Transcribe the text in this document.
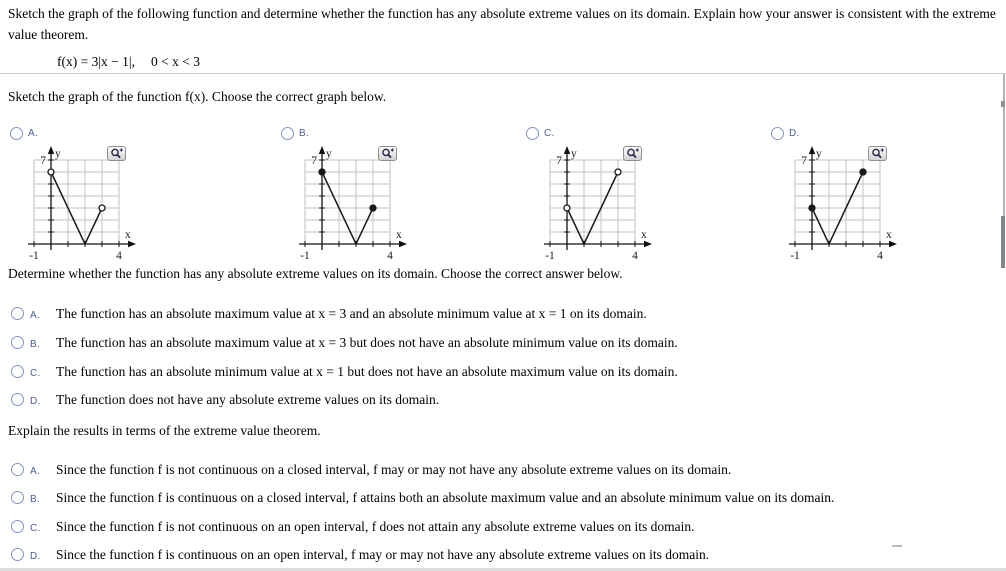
Sketch the graph of the following function and determine whether the function has any absolute extreme values on its domain. Explain how your answer is consistent with the extreme value theorem.

f(x) = 3|x − 1|, 0 < x < 3

Sketch the graph of the function f(x). Choose the correct graph below.

A.
7
y
x
-1	4
B.
7
y
x
-1	4
C.
7
y
x
-1	4
D.
7
y
x
-1	4

Determine whether the function has any absolute extreme values on its domain. Choose the correct answer below.

A.	The function has an absolute maximum value at x = 3 and an absolute minimum value at x = 1 on its domain.
B.	The function has an absolute maximum value at x = 3 but does not have an absolute minimum value on its domain.
C.	The function has an absolute minimum value at x = 1 but does not have an absolute maximum value on its domain.
D.	The function does not have any absolute extreme values on its domain.

Explain the results in terms of the extreme value theorem.

A.	Since the function f is not continuous on a closed interval, f may or may not have any absolute extreme values on its domain.
B.	Since the function f is continuous on a closed interval, f attains both an absolute maximum value and an absolute minimum value on its domain.
C.	Since the function f is not continuous on an open interval, f does not attain any absolute extreme values on its domain.
D.	Since the function f is continuous on an open interval, f may or may not have any absolute extreme values on its domain.
